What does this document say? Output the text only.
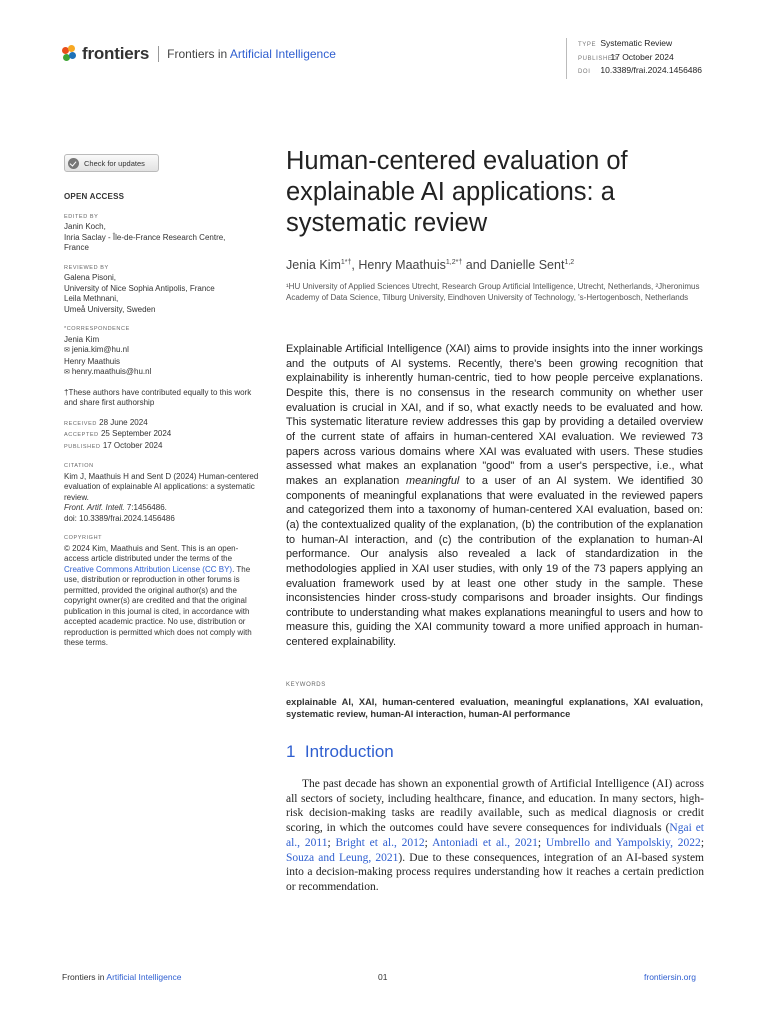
frontiers Frontiers in Artificial Intelligence
TYPE Systematic Review
PUBLISHED 17 October 2024
DOI 10.3389/frai.2024.1456486
Check for updates
OPEN ACCESS
EDITED BY
Janin Koch,
Inria Saclay - Île-de-France Research Centre,
France
REVIEWED BY
Galena Pisoni,
University of Nice Sophia Antipolis, France
Leila Methnani,
Umeå University, Sweden
*CORRESPONDENCE
Jenia Kim
✉ jenia.kim@hu.nl
Henry Maathuis
✉ henry.maathuis@hu.nl
†These authors have contributed equally to this work and share first authorship
RECEIVED 28 June 2024
ACCEPTED 25 September 2024
PUBLISHED 17 October 2024
CITATION
Kim J, Maathuis H and Sent D (2024) Human-centered evaluation of explainable AI applications: a systematic review.
Front. Artif. Intell. 7:1456486.
doi: 10.3389/frai.2024.1456486
COPYRIGHT
© 2024 Kim, Maathuis and Sent. This is an open-access article distributed under the terms of the Creative Commons Attribution License (CC BY). The use, distribution or reproduction in other forums is permitted, provided the original author(s) and the copyright owner(s) are credited and that the original publication in this journal is cited, in accordance with accepted academic practice. No use, distribution or reproduction is permitted which does not comply with these terms.
Human-centered evaluation of explainable AI applications: a systematic review
Jenia Kim$^{1*\dagger}$, Henry Maathuis$^{1,2*\dagger}$ and Danielle Sent$^{1,2}$
¹HU University of Applied Sciences Utrecht, Research Group Artificial Intelligence, Utrecht, Netherlands, ²Jheronimus Academy of Data Science, Tilburg University, Eindhoven University of Technology, 's-Hertogenbosch, Netherlands
Explainable Artificial Intelligence (XAI) aims to provide insights into the inner workings and the outputs of AI systems. Recently, there's been growing recognition that explainability is inherently human-centric, tied to how people perceive explanations. Despite this, there is no consensus in the research community on whether user evaluation is crucial in XAI, and if so, what exactly needs to be evaluated and how. This systematic literature review addresses this gap by providing a detailed overview of the current state of affairs in human-centered XAI evaluation. We reviewed 73 papers across various domains where XAI was evaluated with users. These studies assessed what makes an explanation "good" from a user's perspective, i.e., what makes an explanation meaningful to a user of an AI system. We identified 30 components of meaningful explanations that were evaluated in the reviewed papers and categorized them into a taxonomy of human-centered XAI evaluation, based on: (a) the contextualized quality of the explanation, (b) the contribution of the explanation to human-AI interaction, and (c) the contribution of the explanation to human-AI performance. Our analysis also revealed a lack of standardization in the methodologies applied in XAI user studies, with only 19 of the 73 papers applying an evaluation framework used by at least one other study in the sample. These inconsistencies hinder cross-study comparisons and broader insights. Our findings contribute to understanding what makes explanations meaningful to users and how to measure this, guiding the XAI community toward a more unified approach in human-centered explainability.
KEYWORDS
explainable AI, XAI, human-centered evaluation, meaningful explanations, XAI evaluation, systematic review, human-AI interaction, human-AI performance
1 Introduction
The past decade has shown an exponential growth of Artificial Intelligence (AI) across all sectors of society, including healthcare, finance, and education. In many sectors, high-risk decision-making tasks are readily available, such as medical diagnosis or credit scoring, in which the outcomes could have severe consequences for individuals (Ngai et al., 2011; Bright et al., 2012; Antoniadi et al., 2021; Umbrello and Yampolskiy, 2022; Souza and Leung, 2021). Due to these consequences, integration of an AI-based system into a decision-making process requires understanding how it reaches a certain prediction or recommendation.
Frontiers in Artificial Intelligence	01	frontiersin.org
